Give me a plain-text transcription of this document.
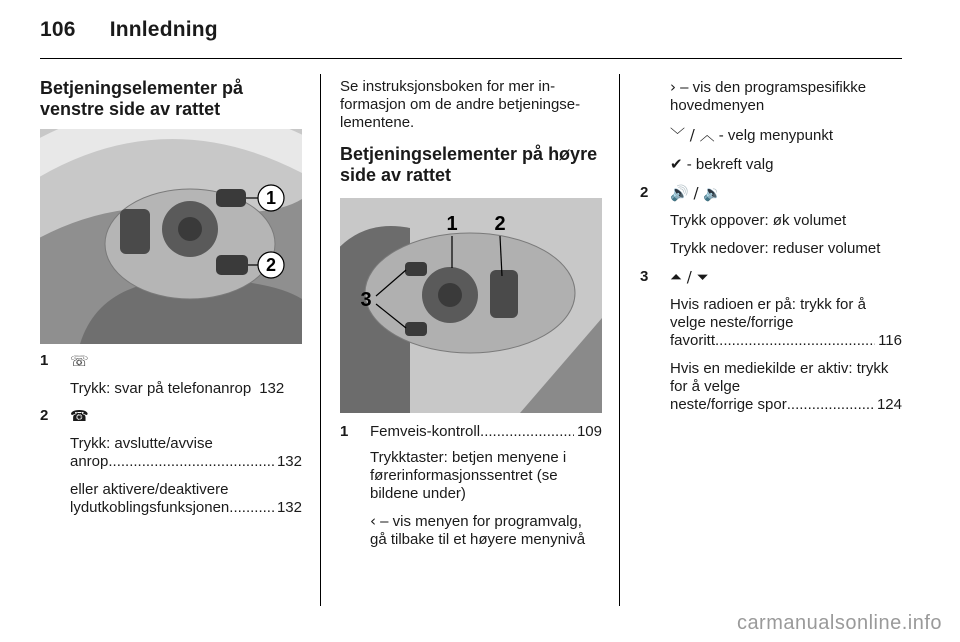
106 Innledning
Betjeningselementer på venstre side av rattet
1
2
1 ☏

Trykk: svar på telefonanrop 132
2 ☎

Trykk: avslutte/avvise

anrop .....	132

eller aktivere/deaktivere

lydutkoblingsfunksjonen .....	132

Se instruksjonsboken for mer informasjon om de andre betjeningselementene.

Betjeningselementer på høyre side av rattet
1 2
3
1 Femveis-kontroll .....	109

Trykktaster: betjen menyene i førerinformasjonssentret (se bildene under)

‹ – vis menyen for programvalg, gå tilbake til et høyere menynivå

› – vis den programspesifikke hovedmenyen

﹀ / ︿ - velg menypunkt

✔ - bekreft valg

2 🔊 / 🔉

Trykk oppover: øk volumet

Trykk nedover: reduser volumet

3 ⏶ / ⏷

Hvis radioen er på: trykk for å velge neste/forrige

favoritt .....	116

Hvis en mediekilde er aktiv: trykk for å velge

neste/forrige spor .....	124
carmanualsonline.info
